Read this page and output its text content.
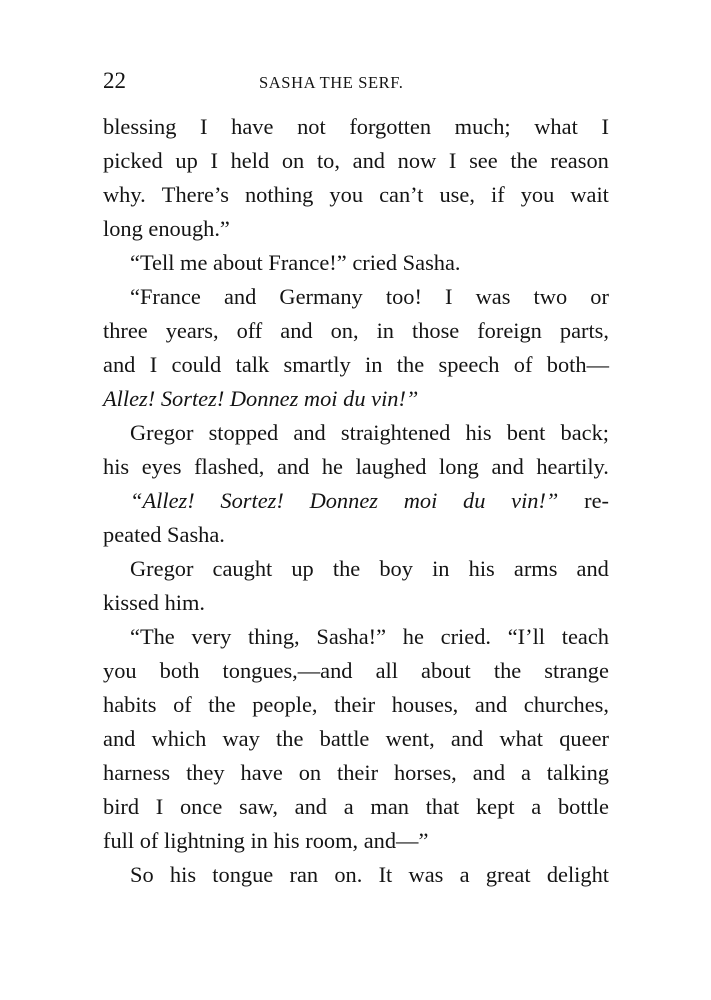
22	SASHA THE SERF.
blessing I have not forgotten much; what I
picked up I held on to, and now I see the reason
why. There’s nothing you can’t use, if you wait
long enough.”
“Tell me about France!” cried Sasha.
“France and Germany too! I was two or
three years, off and on, in those foreign parts,
and I could talk smartly in the speech of both—
Allez! Sortez! Donnez moi du vin!”
Gregor stopped and straightened his bent back;
his eyes flashed, and he laughed long and heartily.
“Allez! Sortez! Donnez moi du vin!” re-
peated Sasha.
Gregor caught up the boy in his arms and
kissed him.
“The very thing, Sasha!” he cried. “I’ll teach
you both tongues,—and all about the strange
habits of the people, their houses, and churches,
and which way the battle went, and what queer
harness they have on their horses, and a talking
bird I once saw, and a man that kept a bottle
full of lightning in his room, and—”
So his tongue ran on. It was a great delight
